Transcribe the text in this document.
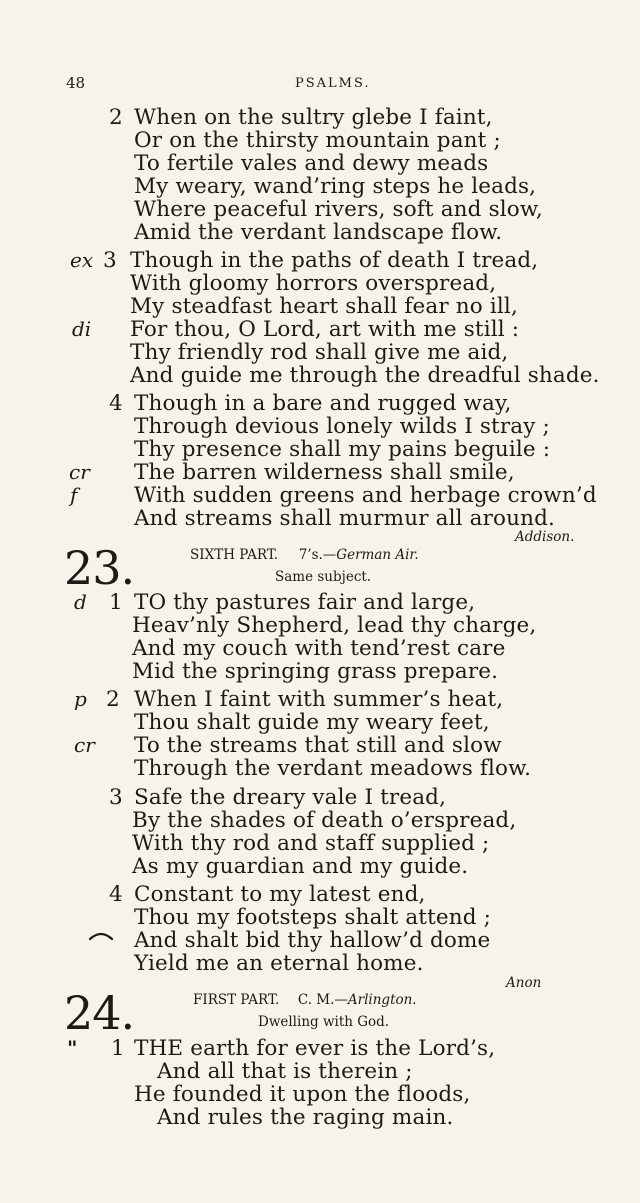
48	PSALMS.
2 When on the sultry glebe I faint,
Or on the thirsty mountain pant ;
To fertile vales and dewy meads
My weary, wand’ring steps he leads,
Where peaceful rivers, soft and slow,
Amid the verdant landscape flow.
ex 3 Though in the paths of death I tread,
With gloomy horrors overspread,
My steadfast heart shall fear no ill,
di For thou, O Lord, art with me still :
Thy friendly rod shall give me aid,
And guide me through the dreadful shade.
4 Though in a bare and rugged way,
Through devious lonely wilds I stray ;
Thy presence shall my pains beguile :
cr The barren wilderness shall smile,
f	With sudden greens and herbage crown’d
And streams shall murmur all around.
Addison.
23.	SIXTH PART. 7’s.—German Air.
Same subject.
d 1 TO thy pastures fair and large,
Heav’nly Shepherd, lead thy charge,
And my couch with tend’rest care
Mid the springing grass prepare.
p 2 When I faint with summer’s heat,
Thou shalt guide my weary feet,
cr To the streams that still and slow
Through the verdant meadows flow.
3 Safe the dreary vale I tread,
By the shades of death o’erspread,
With thy rod and staff supplied ;
As my guardian and my guide.
4 Constant to my latest end,
Thou my footsteps shalt attend ;
And shalt bid thy hallow’d dome
Yield me an eternal home.
Anon
24.	FIRST PART. C. M.—Arlington.
Dwelling with God.
" 1 THE earth for ever is the Lord’s,
And all that is therein ;
He founded it upon the floods,
And rules the raging main.
